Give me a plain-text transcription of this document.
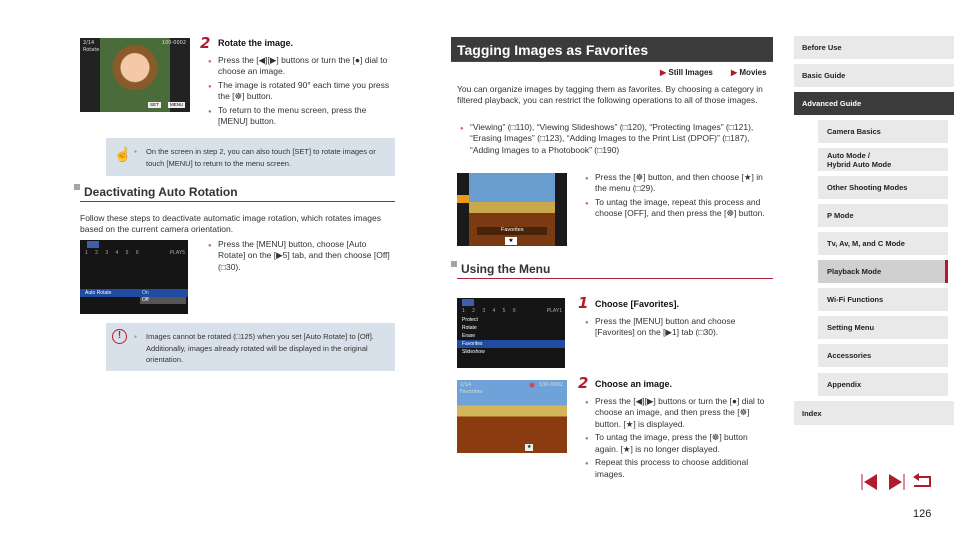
2/14	100-0002
Rotate
SET	MENU
2 Rotate the image.
● Press the [◀][▶] buttons or turn the [●] dial to choose an image.
● The image is rotated 90° each time you press the [☸] button.
● To return to the menu screen, press the [MENU] button.
☝ ● On the screen in step 2, you can also touch [SET] to rotate images or touch [MENU] to return to the menu screen.
Deactivating Auto Rotation
Follow these steps to deactivate automatic image rotation, which rotates images based on the current camera orientation.
1 2 3 4 5 6	PLAY5
Auto Rotate	On
Off
● Press the [MENU] button, choose [Auto Rotate] on the [▶5] tab, and then choose [Off] (□30).
!	● Images cannot be rotated (□125) when you set [Auto Rotate] to [Off]. Additionally, images already rotated will be displayed in the original orientation.
Tagging Images as Favorites
▶ Still Images ▶ Movies
You can organize images by tagging them as favorites. By choosing a category in filtered playback, you can restrict the following operations to all of those images.
● “Viewing” (□110), “Viewing Slideshows” (□120), “Protecting Images” (□121), “Erasing Images” (□123), “Adding Images to the Print List (DPOF)” (□187), “Adding Images to a Photobook” (□190)
Favorites
★
● Press the [☸] button, and then choose [★] in the menu (□29).
● To untag the image, repeat this process and choose [OFF], and then press the [☸] button.
Using the Menu
1 2 3 4 5 6	PLAY1
Protect
Rotate
Erase
Favorites
Slideshow
1 Choose [Favorites].
● Press the [MENU] button and choose [Favorites] on the [▶1] tab (□30).
2/14
Favorites
100-0002
◉
★
2 Choose an image.
● Press the [◀][▶] buttons or turn the [●] dial to choose an image, and then press the [☸] button. [★] is displayed.
● To untag the image, press the [☸] button again. [★] is no longer displayed.
● Repeat this process to choose additional images.
Before Use
Basic Guide
Advanced Guide
Camera Basics
Auto Mode /
Hybrid Auto Mode
Other Shooting Modes
P Mode
Tv, Av, M, and C Mode
Playback Mode
Wi-Fi Functions
Setting Menu
Accessories
Appendix
Index
126
